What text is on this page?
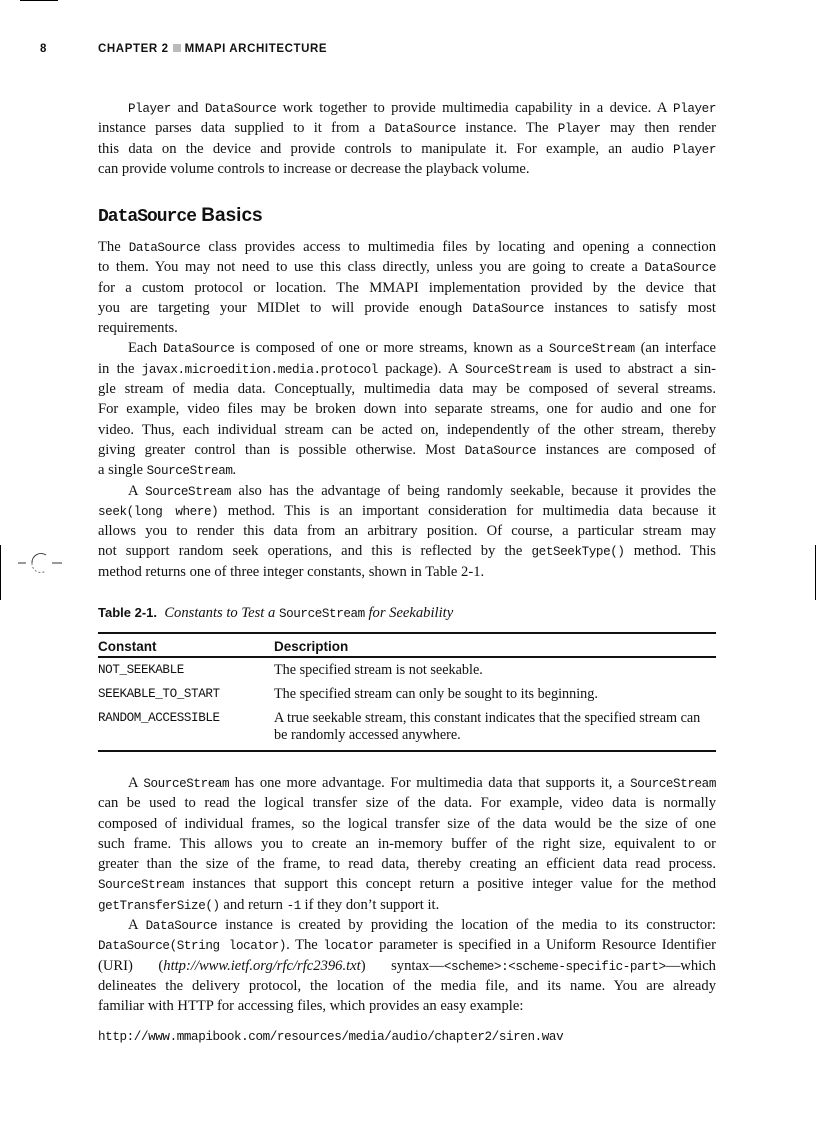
8	CHAPTER 2 MMAPI ARCHITECTURE
Player and DataSource work together to provide multimedia capability in a device. A Player
instance parses data supplied to it from a DataSource instance. The Player may then render
this data on the device and provide controls to manipulate it. For example, an audio Player
can provide volume controls to increase or decrease the playback volume.
DataSource Basics
The DataSource class provides access to multimedia files by locating and opening a connection
to them. You may not need to use this class directly, unless you are going to create a DataSource
for a custom protocol or location. The MMAPI implementation provided by the device that
you are targeting your MIDlet to will provide enough DataSource instances to satisfy most
requirements.
Each DataSource is composed of one or more streams, known as a SourceStream (an interface
in the javax.microedition.media.protocol package). A SourceStream is used to abstract a sin-
gle stream of media data. Conceptually, multimedia data may be composed of several streams.
For example, video files may be broken down into separate streams, one for audio and one for
video. Thus, each individual stream can be acted on, independently of the other stream, thereby
giving greater control than is possible otherwise. Most DataSource instances are composed of
a single SourceStream.
A SourceStream also has the advantage of being randomly seekable, because it provides the
seek(long where) method. This is an important consideration for multimedia data because it
allows you to render this data from an arbitrary position. Of course, a particular stream may
not support random seek operations, and this is reflected by the getSeekType() method. This
method returns one of three integer constants, shown in Table 2-1.
Table 2-1. Constants to Test a SourceStream for Seekability
Constant	Description
NOT_SEEKABLE	The specified stream is not seekable.
SEEKABLE_TO_START	The specified stream can only be sought to its beginning.
RANDOM_ACCESSIBLE	A true seekable stream, this constant indicates that the specified stream can be randomly accessed anywhere.
A SourceStream has one more advantage. For multimedia data that supports it, a SourceStream
can be used to read the logical transfer size of the data. For example, video data is normally
composed of individual frames, so the logical transfer size of the data would be the size of one
such frame. This allows you to create an in-memory buffer of the right size, equivalent to or
greater than the size of the frame, to read data, thereby creating an efficient data read process.
SourceStream instances that support this concept return a positive integer value for the method
getTransferSize() and return -1 if they don’t support it.
A DataSource instance is created by providing the location of the media to its constructor:
DataSource(String locator). The locator parameter is specified in a Uniform Resource Identifier
(URI) (http://www.ietf.org/rfc/rfc2396.txt) syntax—<scheme>:<scheme-specific-part>—which
delineates the delivery protocol, the location of the media file, and its name. You are already
familiar with HTTP for accessing files, which provides an easy example:
http://www.mmapibook.com/resources/media/audio/chapter2/siren.wav
